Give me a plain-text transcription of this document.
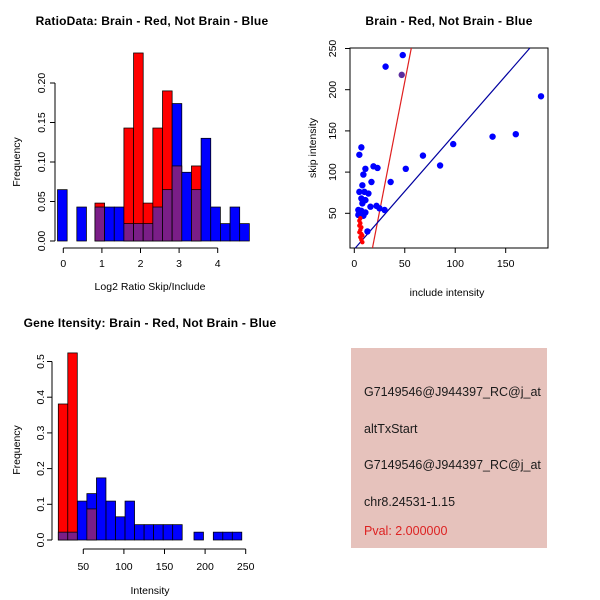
RatioData: Brain - Red, Not Brain - Blue
Log2 Ratio Skip/Include
Frequency
0.00
0.05
0.10
0.15
0.20
0	1	2	3	4
Brain - Red, Not Brain - Blue
include intensity
skip intensity
50
100
150
200
250
0	50	100	150
Gene Itensity: Brain - Red, Not Brain - Blue
Intensity
Frequency
0.0
0.1
0.2
0.3
0.4
0.5
50 100 150 200 250
G7149546@J944397_RC@j_at
altTxStart
G7149546@J944397_RC@j_at
chr8.24531-1.15
Pval: 2.000000
